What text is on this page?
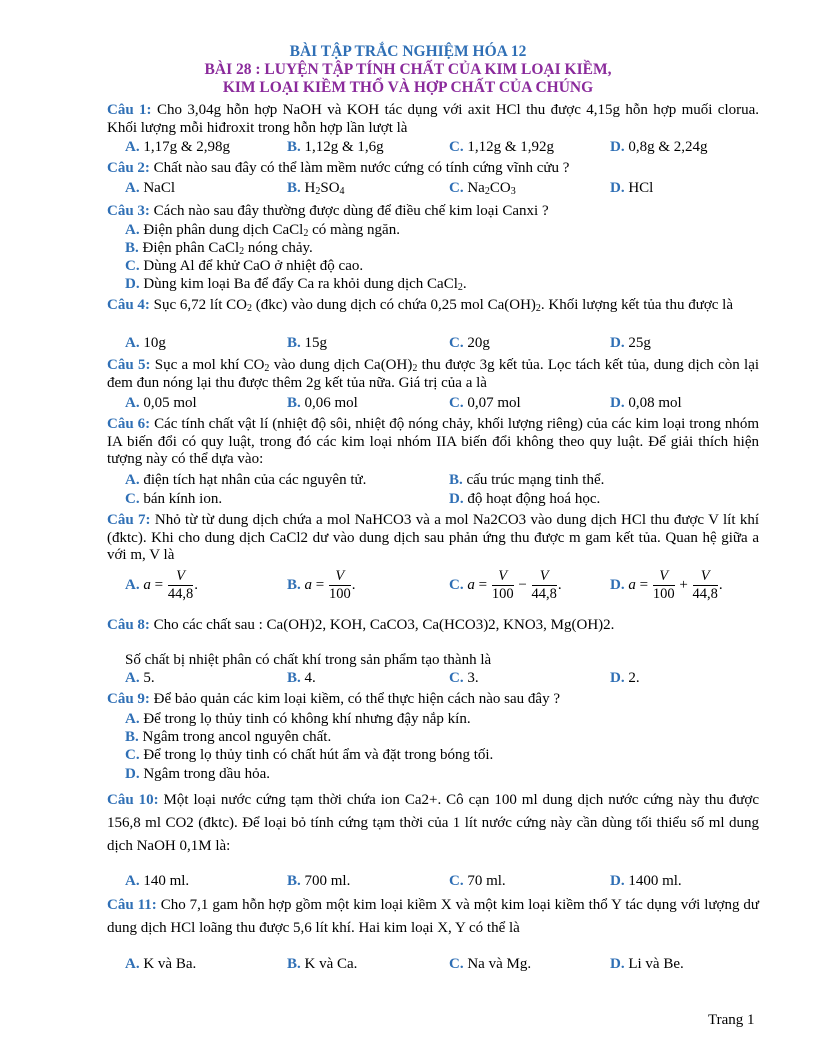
BÀI TẬP TRẮC NGHIỆM HÓA 12
BÀI 28 : LUYỆN TẬP TÍNH CHẤT CỦA KIM LOẠI KIỀM,
KIM LOẠI KIỀM THỔ VÀ HỢP CHẤT CỦA CHÚNG
Câu 1: Cho 3,04g hỗn hợp NaOH và KOH tác dụng với axit HCl thu được 4,15g hỗn hợp muối clorua. Khối lượng mỗi hiđroxit trong hỗn hợp lần lượt là
A. 1,17g & 2,98g	B. 1,12g & 1,6g	C. 1,12g & 1,92g	D. 0,8g & 2,24g
Câu 2: Chất nào sau đây có thể làm mềm nước cứng có tính cứng vĩnh cửu ?
A. NaCl	B. $H_2SO_4$	C. $Na_2CO_3$	D. HCl
Câu 3: Cách nào sau đây thường được dùng để điều chế kim loại Canxi ?
A. Điện phân dung dịch CaCl$_2$ có màng ngăn.
B. Điện phân CaCl$_2$ nóng chảy.
C. Dùng Al để khử CaO ở nhiệt độ cao.
D. Dùng kim loại Ba để đẩy Ca ra khỏi dung dịch CaCl$_2$.
Câu 4: Sục 6,72 lít $CO_2$ (đkc) vào dung dịch có chứa 0,25 mol $Ca(OH)_2$. Khối lượng kết tủa thu được là
A. 10g	B. 15g	C. 20g	D. 25g
Câu 5: Sục a mol khí $CO_2$ vào dung dịch $Ca(OH)_2$ thu được 3g kết tủa. Lọc tách kết tủa, dung dịch còn lại đem đun nóng lại thu được thêm 2g kết tủa nữa. Giá trị của a là
A. 0,05 mol	B. 0,06 mol	C. 0,07 mol	D. 0,08 mol
Câu 6: Các tính chất vật lí (nhiệt độ sôi, nhiệt độ nóng chảy, khối lượng riêng) của các kim loại trong nhóm IA biến đổi có quy luật, trong đó các kim loại nhóm IIA biến đổi không theo quy luật. Để giải thích hiện tượng này có thể dựa vào:
A. điện tích hạt nhân của các nguyên tử.	B. cấu trúc mạng tinh thể.
C. bán kính ion.	D. độ hoạt động hoá học.
Câu 7: Nhỏ từ từ dung dịch chứa a mol NaHCO3 và a mol Na2CO3 vào dung dịch HCl thu được V lít khí (đktc). Khi cho dung dịch CaCl2 dư vào dung dịch sau phản ứng thu được m gam kết tủa. Quan hệ giữa a với m, V là
A. $a = \frac{V}{44,8}$ .	B. $a = \frac{V}{100}$ .	C. $a = \frac{V}{100} - \frac{V}{44,8}$ .	D. $a = \frac{V}{100} + \frac{V}{44,8}$ .
Câu 8: Cho các chất sau : Ca(OH)2, KOH, CaCO3, Ca(HCO3)2, KNO3, Mg(OH)2.
Số chất bị nhiệt phân có chất khí trong sản phẩm tạo thành là
A. 5.	B. 4.	C. 3.	D. 2.
Câu 9: Để bảo quản các kim loại kiềm, có thể thực hiện cách nào sau đây ?
A. Để trong lọ thủy tinh có không khí nhưng đậy nắp kín.
B. Ngâm trong ancol nguyên chất.
C. Để trong lọ thủy tinh có chất hút ẩm và đặt trong bóng tối.
D. Ngâm trong dầu hỏa.
Câu 10: Một loại nước cứng tạm thời chứa ion Ca2+. Cô cạn 100 ml dung dịch nước cứng này thu được 156,8 ml CO2 (đktc). Để loại bỏ tính cứng tạm thời của 1 lít nước cứng này cần dùng tối thiểu số ml dung dịch NaOH 0,1M là:
A. 140 ml.	B. 700 ml.	C. 70 ml.	D. 1400 ml.
Câu 11: Cho 7,1 gam hỗn hợp gồm một kim loại kiềm X và một kim loại kiềm thổ Y tác dụng với lượng dư dung dịch HCl loãng thu được 5,6 lít khí. Hai kim loại X, Y có thể là
A. K và Ba.	B. K và Ca.	C. Na và Mg.	D. Li và Be.
Trang 1
